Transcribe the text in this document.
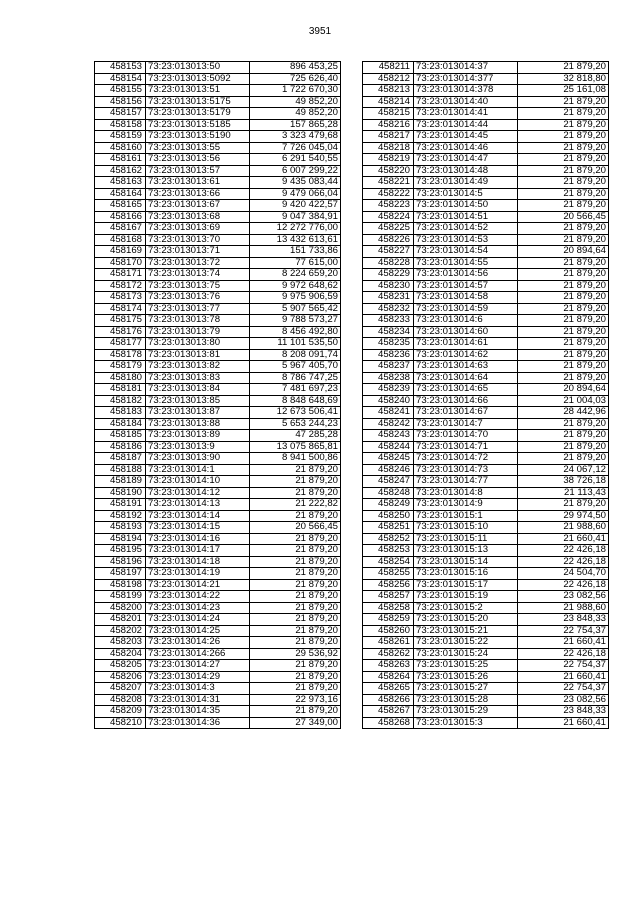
3951
458153	73:23:013013:50	896 453,25
458154	73:23:013013:5092	725 626,40
458155	73:23:013013:51	1 722 670,30
458156	73:23:013013:5175	49 852,20
458157	73:23:013013:5179	49 852,20
458158	73:23:013013:5185	157 865,28
458159	73:23:013013:5190	3 323 479,68
458160	73:23:013013:55	7 726 045,04
458161	73:23:013013:56	6 291 540,55
458162	73:23:013013:57	6 007 299,22
458163	73:23:013013:61	9 435 083,44
458164	73:23:013013:66	9 479 066,04
458165	73:23:013013:67	9 420 422,57
458166	73:23:013013:68	9 047 384,91
458167	73:23:013013:69	12 272 776,00
458168	73:23:013013:70	13 432 613,61
458169	73:23:013013:71	151 733,86
458170	73:23:013013:72	77 615,00
458171	73:23:013013:74	8 224 659,20
458172	73:23:013013:75	9 972 648,62
458173	73:23:013013:76	9 975 906,59
458174	73:23:013013:77	5 907 565,42
458175	73:23:013013:78	9 788 573,27
458176	73:23:013013:79	8 456 492,80
458177	73:23:013013:80	11 101 535,50
458178	73:23:013013:81	8 208 091,74
458179	73:23:013013:82	5 967 405,70
458180	73:23:013013:83	8 786 747,25
458181	73:23:013013:84	7 481 697,23
458182	73:23:013013:85	8 848 648,69
458183	73:23:013013:87	12 673 506,41
458184	73:23:013013:88	5 653 244,23
458185	73:23:013013:89	47 285,28
458186	73:23:013013:9	13 075 865,81
458187	73:23:013013:90	8 941 500,86
458188	73:23:013014:1	21 879,20
458189	73:23:013014:10	21 879,20
458190	73:23:013014:12	21 879,20
458191	73:23:013014:13	21 222,82
458192	73:23:013014:14	21 879,20
458193	73:23:013014:15	20 566,45
458194	73:23:013014:16	21 879,20
458195	73:23:013014:17	21 879,20
458196	73:23:013014:18	21 879,20
458197	73:23:013014:19	21 879,20
458198	73:23:013014:21	21 879,20
458199	73:23:013014:22	21 879,20
458200	73:23:013014:23	21 879,20
458201	73:23:013014:24	21 879,20
458202	73:23:013014:25	21 879,20
458203	73:23:013014:26	21 879,20
458204	73:23:013014:266	29 536,92
458205	73:23:013014:27	21 879,20
458206	73:23:013014:29	21 879,20
458207	73:23:013014:3	21 879,20
458208	73:23:013014:31	22 973,16
458209	73:23:013014:35	21 879,20
458210	73:23:013014:36	27 349,00
458211	73:23:013014:37	21 879,20
458212	73:23:013014:377	32 818,80
458213	73:23:013014:378	25 161,08
458214	73:23:013014:40	21 879,20
458215	73:23:013014:41	21 879,20
458216	73:23:013014:44	21 879,20
458217	73:23:013014:45	21 879,20
458218	73:23:013014:46	21 879,20
458219	73:23:013014:47	21 879,20
458220	73:23:013014:48	21 879,20
458221	73:23:013014:49	21 879,20
458222	73:23:013014:5	21 879,20
458223	73:23:013014:50	21 879,20
458224	73:23:013014:51	20 566,45
458225	73:23:013014:52	21 879,20
458226	73:23:013014:53	21 879,20
458227	73:23:013014:54	20 894,64
458228	73:23:013014:55	21 879,20
458229	73:23:013014:56	21 879,20
458230	73:23:013014:57	21 879,20
458231	73:23:013014:58	21 879,20
458232	73:23:013014:59	21 879,20
458233	73:23:013014:6	21 879,20
458234	73:23:013014:60	21 879,20
458235	73:23:013014:61	21 879,20
458236	73:23:013014:62	21 879,20
458237	73:23:013014:63	21 879,20
458238	73:23:013014:64	21 879,20
458239	73:23:013014:65	20 894,64
458240	73:23:013014:66	21 004,03
458241	73:23:013014:67	28 442,96
458242	73:23:013014:7	21 879,20
458243	73:23:013014:70	21 879,20
458244	73:23:013014:71	21 879,20
458245	73:23:013014:72	21 879,20
458246	73:23:013014:73	24 067,12
458247	73:23:013014:77	38 726,18
458248	73:23:013014:8	21 113,43
458249	73:23:013014:9	21 879,20
458250	73:23:013015:1	29 974,50
458251	73:23:013015:10	21 988,60
458252	73:23:013015:11	21 660,41
458253	73:23:013015:13	22 426,18
458254	73:23:013015:14	22 426,18
458255	73:23:013015:16	24 504,70
458256	73:23:013015:17	22 426,18
458257	73:23:013015:19	23 082,56
458258	73:23:013015:2	21 988,60
458259	73:23:013015:20	23 848,33
458260	73:23:013015:21	22 754,37
458261	73:23:013015:22	21 660,41
458262	73:23:013015:24	22 426,18
458263	73:23:013015:25	22 754,37
458264	73:23:013015:26	21 660,41
458265	73:23:013015:27	22 754,37
458266	73:23:013015:28	23 082,56
458267	73:23:013015:29	23 848,33
458268	73:23:013015:3	21 660,41
